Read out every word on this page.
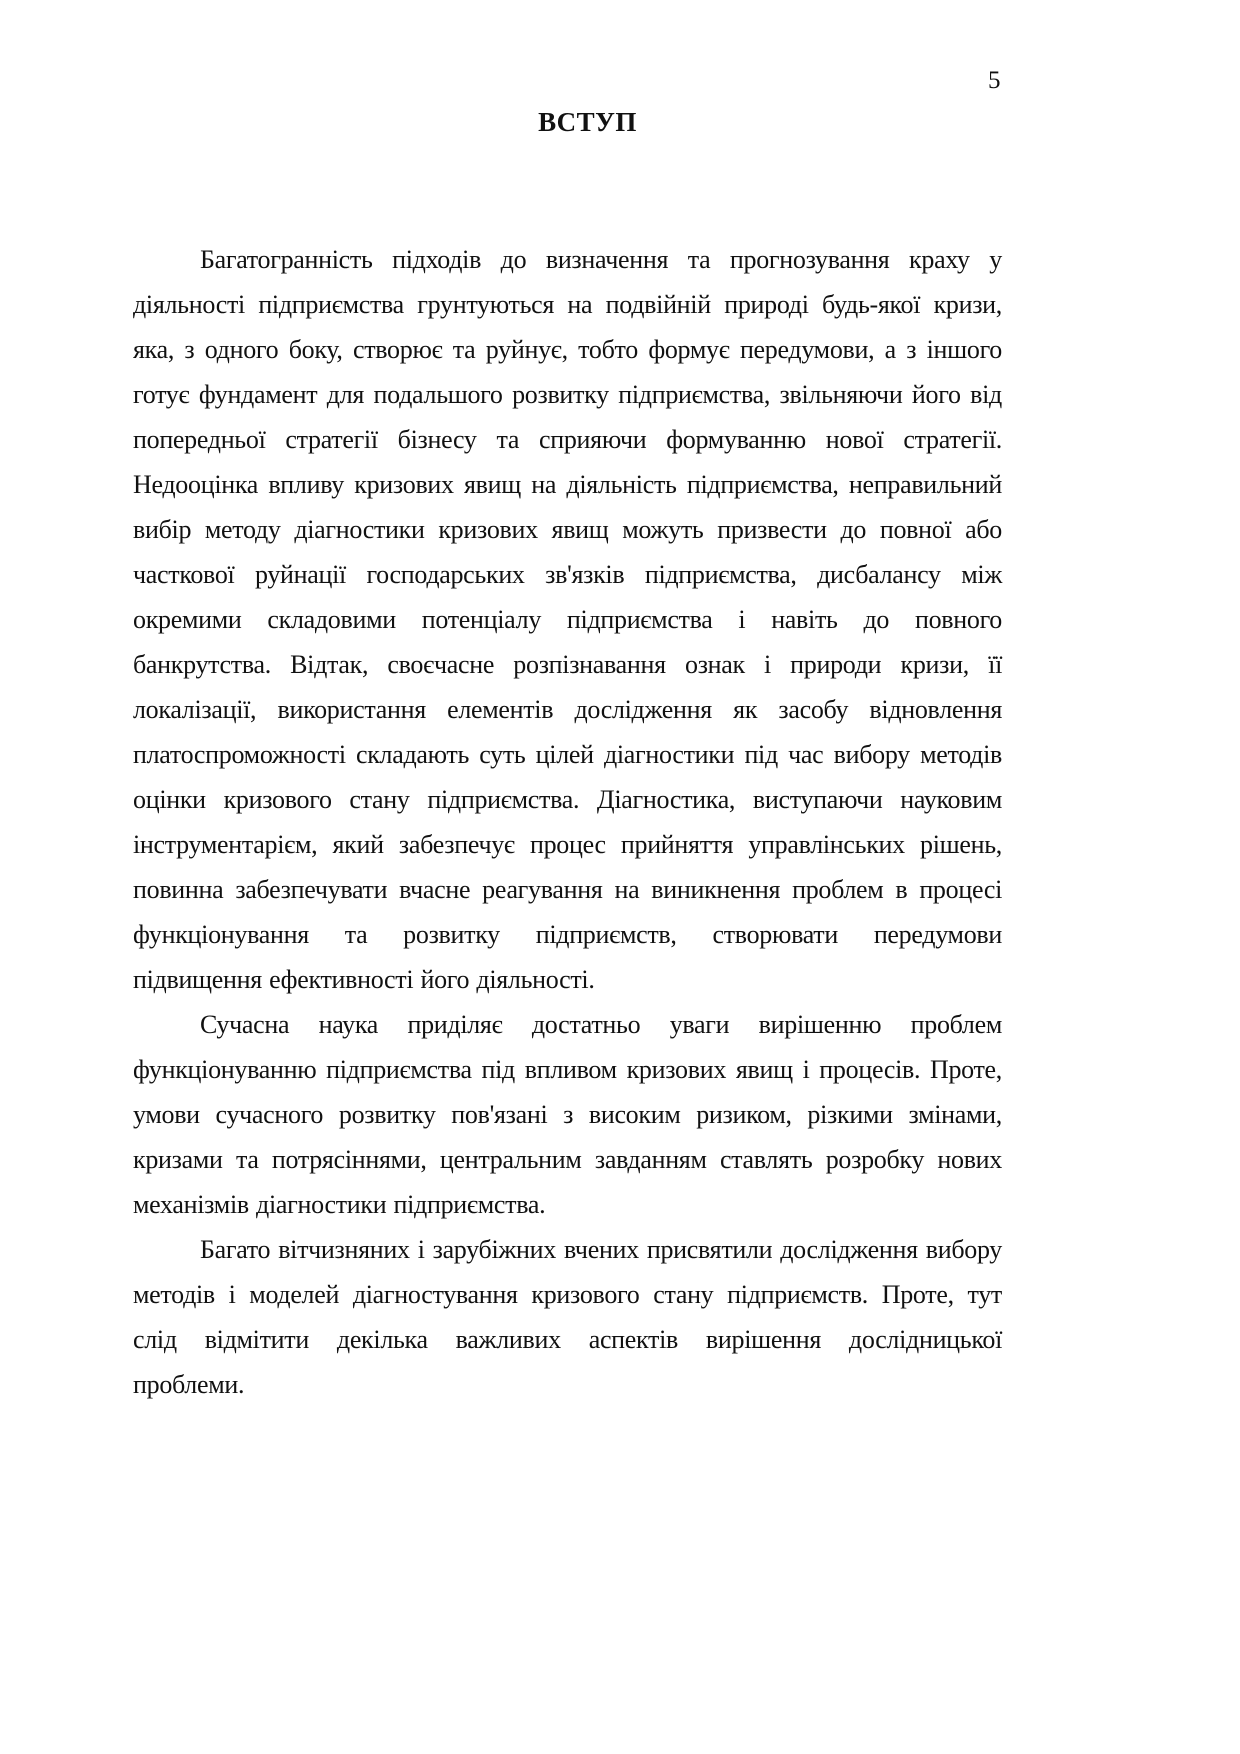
5
ВСТУП

Багатогранність підходів до визначення та прогнозування краху у
діяльності підприємства грунтуються на подвійній природі будь-якої кризи,
яка, з одного боку, створює та руйнує, тобто формує передумови, а з іншого
готує фундамент для подальшого розвитку підприємства, звільняючи його від
попередньої стратегії бізнесу та сприяючи формуванню нової стратегії.
Недооцінка впливу кризових явищ на діяльність підприємства, неправильний
вибір методу діагностики кризових явищ можуть призвести до повної або
часткової руйнації господарських зв'язків підприємства, дисбалансу між
окремими складовими потенціалу підприємства і навіть до повного
банкрутства. Відтак, своєчасне розпізнавання ознак і природи кризи, її
локалізації, використання елементів дослідження як засобу відновлення
платоспроможності складають суть цілей діагностики під час вибору методів
оцінки кризового стану підприємства. Діагностика, виступаючи науковим
інструментарієм, який забезпечує процес прийняття управлінських рішень,
повинна забезпечувати вчасне реагування на виникнення проблем в процесі
функціонування та розвитку підприємств, створювати передумови
підвищення ефективності його діяльності.

Сучасна наука приділяє достатньо уваги вирішенню проблем
функціонуванню підприємства під впливом кризових явищ і процесів. Проте,
умови сучасного розвитку пов'язані з високим ризиком, різкими змінами,
кризами та потрясіннями, центральним завданням ставлять розробку нових
механізмів діагностики підприємства.

Багато вітчизняних і зарубіжних вчених присвятили дослідження вибору
методів і моделей діагностування кризового стану підприємств. Проте, тут
слід відмітити декілька важливих аспектів вирішення дослідницької
проблеми.
